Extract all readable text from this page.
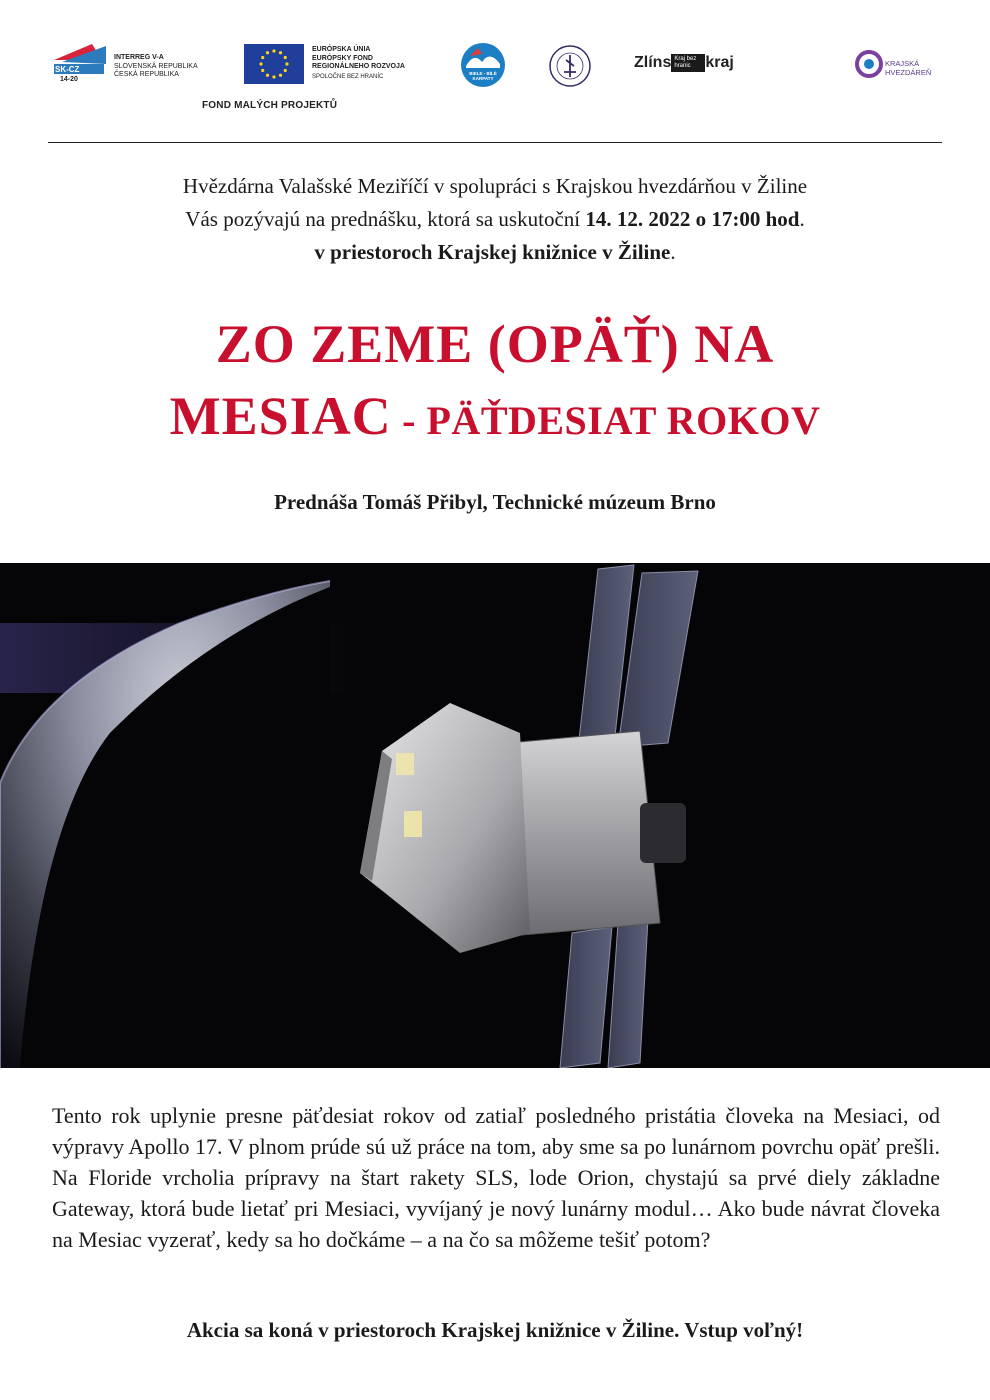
SK-CZ
14-20
INTERREG V-A
SLOVENSKÁ REPUBLIKA
ČESKÁ REPUBLIKA
EURÓPSKA ÚNIA
EURÓPSKY FOND
REGIONÁLNEHO ROZVOJA
SPOLOČNE BEZ HRANÍC
FOND MALÝCH PROJEKTŮ
BIELE - BÍLÉ KARPATY
Zlíns Kraj bez hranic kraj	KRAJSKÁ
HVEZDÁREŇ

Hvězdárna Valašské Meziříčí v spolupráci s Krajskou hvezdárňou v Žiline

Vás pozývajú na prednášku, ktorá sa uskutoční 14. 12. 2022 o 17:00 hod.

v priestoroch Krajskej knižnice v Žiline.

ZO ZEME (OPÄŤ) NA
MESIAC - PÄŤDESIAT ROKOV
Prednáša Tomáš Přibyl, Technické múzeum Brno

Tento rok uplynie presne päťdesiat rokov od zatiaľ posledného pristátia človeka na Mesiaci, od výpravy Apollo 17. V plnom prúde sú už práce na tom, aby sme sa po lunárnom povrchu opäť prešli. Na Floride vrcholia prípravy na štart rakety SLS, lode Orion, chystajú sa prvé diely základne Gateway, ktorá bude lietať pri Mesiaci, vyvíjaný je nový lunárny modul… Ako bude návrat človeka na Mesiac vyzerať, kedy sa ho dočkáme – a na čo sa môžeme tešiť potom?

Akcia sa koná v priestoroch Krajskej knižnice v Žiline. Vstup voľný!
